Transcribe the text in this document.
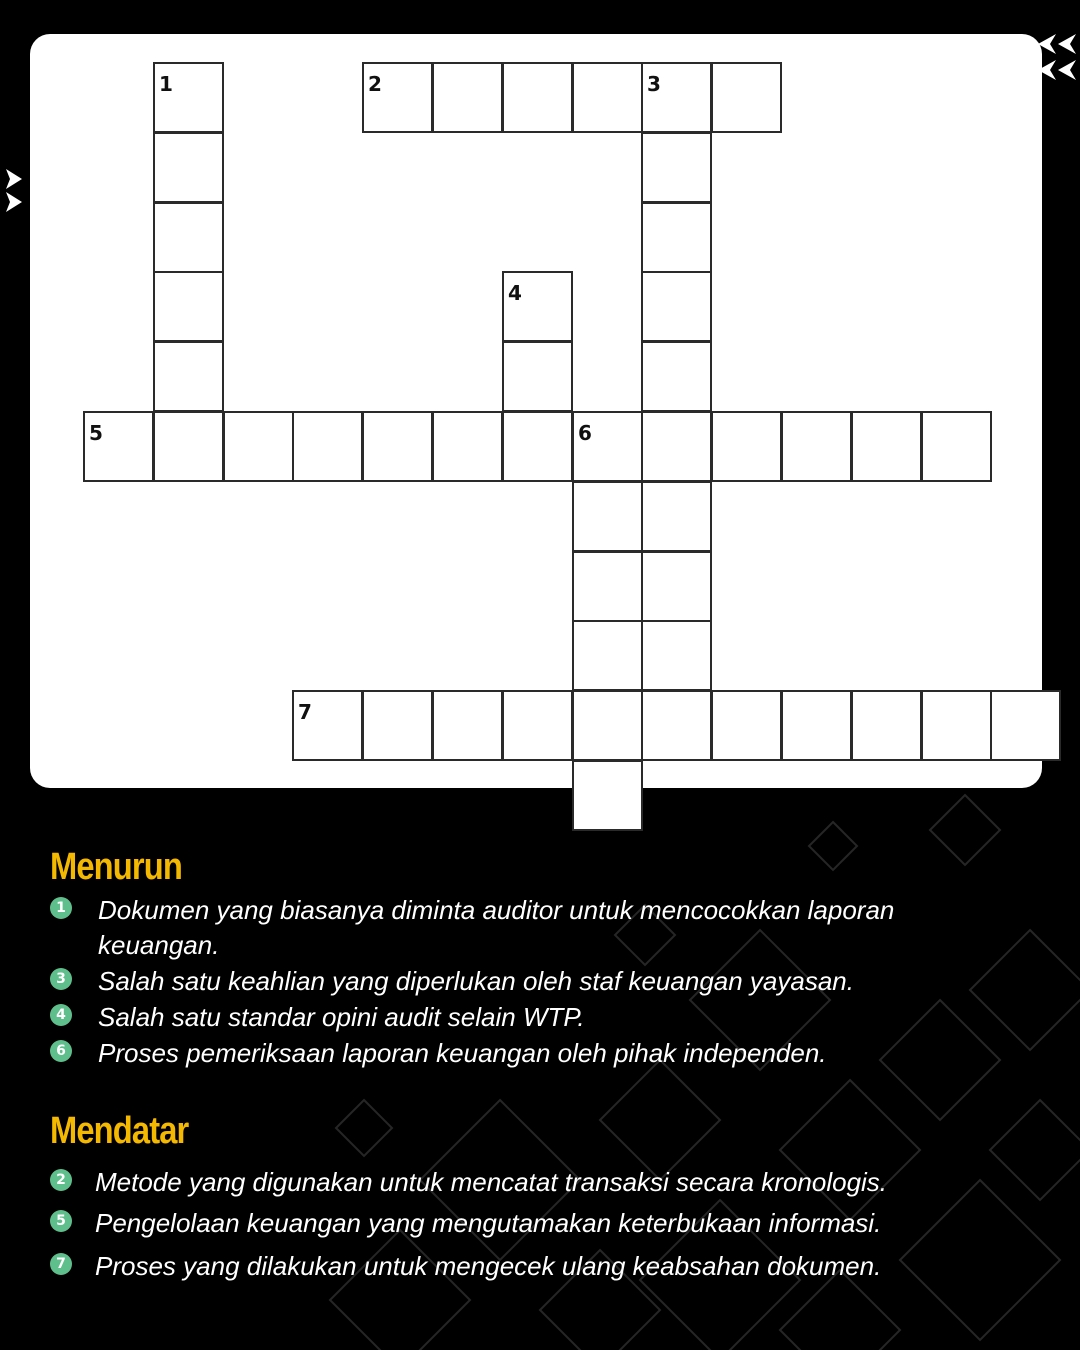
1	2	3
4
5	6
7
Menurun
1 Dokumen yang biasanya diminta auditor untuk mencocokkan laporan keuangan.
3 Salah satu keahlian yang diperlukan oleh staf keuangan yayasan.
4 Salah satu standar opini audit selain WTP.
6 Proses pemeriksaan laporan keuangan oleh pihak independen.
Mendatar
2 Metode yang digunakan untuk mencatat transaksi secara kronologis.
5 Pengelolaan keuangan yang mengutamakan keterbukaan informasi.
7 Proses yang dilakukan untuk mengecek ulang keabsahan dokumen.
